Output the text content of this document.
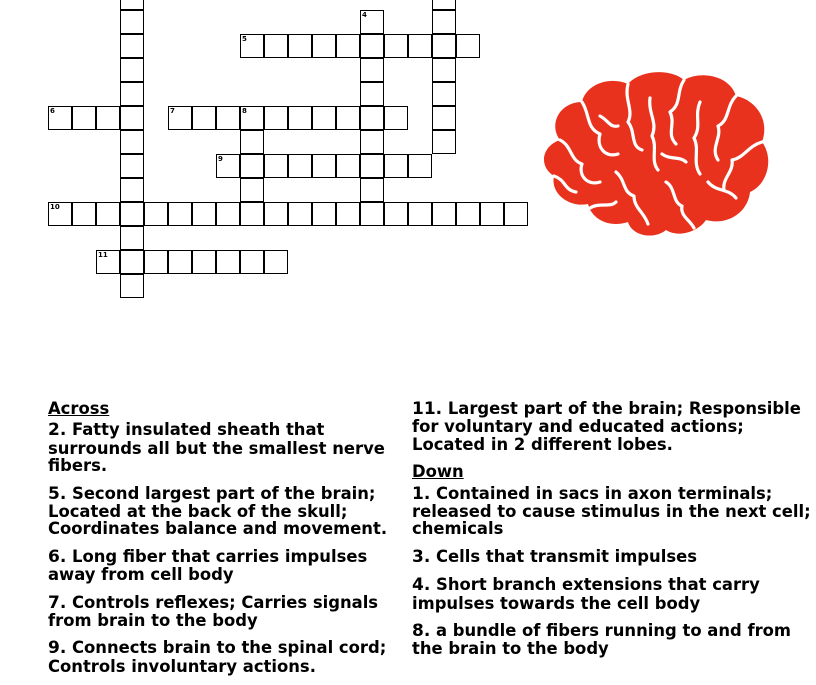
4
5
6	7	8
9
10
11
Across
2. Fatty insulated sheath that surrounds all but the smallest nerve fibers.
5. Second largest part of the brain; Located at the back of the skull; Coordinates balance and movement.
6. Long fiber that carries impulses away from cell body
7. Controls reflexes; Carries signals from brain to the body
9. Connects brain to the spinal cord; Controls involuntary actions.
11. Largest part of the brain; Responsible for voluntary and educated actions; Located in 2 different lobes.
Down
1. Contained in sacs in axon terminals; released to cause stimulus in the next cell; chemicals
3. Cells that transmit impulses
4. Short branch extensions that carry impulses towards the cell body
8. a bundle of fibers running to and from the brain to the body
